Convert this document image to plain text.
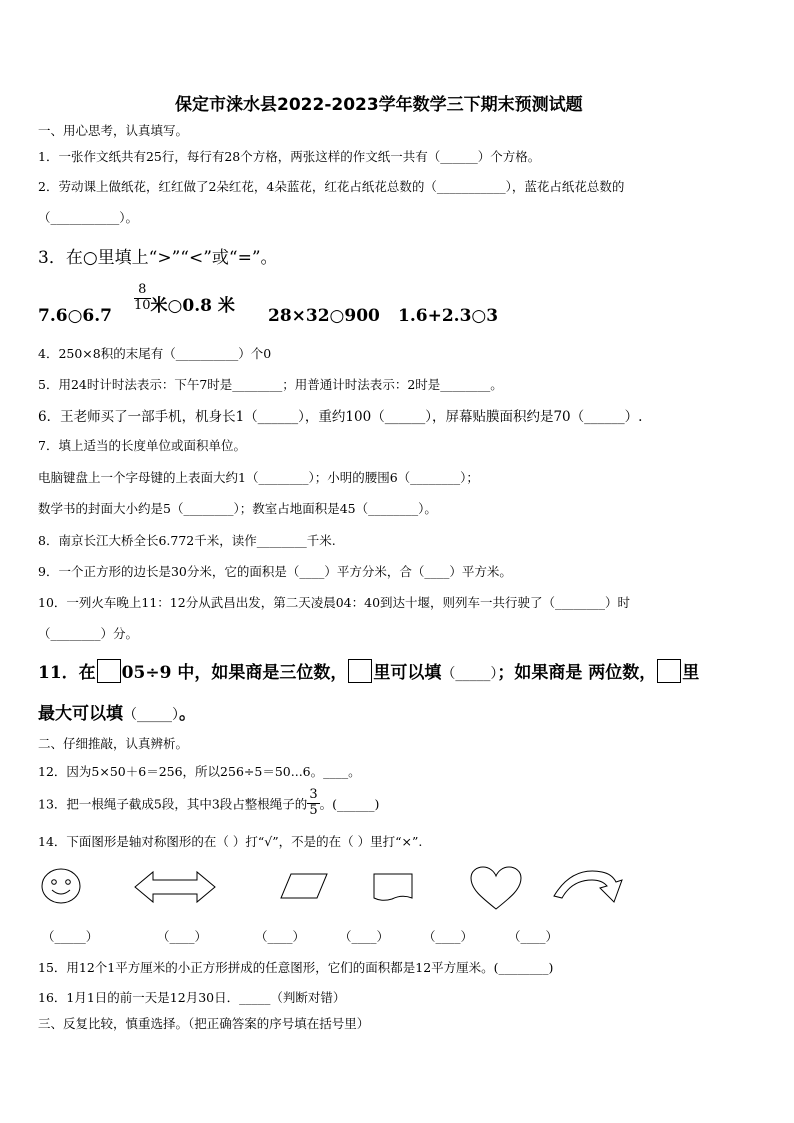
保定市涞水县2022-2023学年数学三下期末预测试题
一、用心思考，认真填写。
1．一张作文纸共有25行，每行有28个方格，两张这样的作文纸一共有（______）个方格。
2．劳动课上做纸花，红红做了2朵红花，4朵蓝花，红花占纸花总数的（___________），蓝花占纸花总数的
（___________）。
3．在○里填上“>”“<”或“=”。
7.6○6.7
$\frac{8}{10}$ 米○0.8 米
28×32○900 1.6+2.3○3
4．250×8积的末尾有（__________）个0
5．用24时计时法表示：下午7时是________；用普通计时法表示：2时是________。
6．王老师买了一部手机，机身长1（______），重约100（______），屏幕贴膜面积约是70（______）.
7．填上适当的长度单位或面积单位。
电脑键盘上一个字母键的上表面大约1（________）；小明的腰围6（________）；
数学书的封面大小约是5（________）；教室占地面积是45（________）。
8．南京长江大桥全长6.772千米，读作________千米.
9．一个正方形的边长是30分米，它的面积是（____）平方分米，合（____）平方米。
10．一列火车晚上11：12分从武昌出发，第二天凌晨04：40到达十堰，则列车一共行驶了（________）时
（________）分。
11．在 05÷9 中，如果商是三位数， 里可以填（_____）；如果商是 两位数， 里
最大可以填（_____）。
二、仔细推敲，认真辨析。
12．因为5×50＋6＝256，所以256÷5＝50...6。____。
13．把一根绳子截成5段，其中3段占整根绳子的 $\frac{3}{5}$ 。(______)
14．下面图形是轴对称图形的在（ ）打“√”，不是的在（ ）里打“×”.
（_____）	（____）	（____）	（____）	（____）	（____）
15．用12个1平方厘米的小正方形拼成的任意图形，它们的面积都是12平方厘米。(________)
16．1月1日的前一天是12月30日．_____（判断对错）
三、反复比较，慎重选择。（把正确答案的序号填在括号里）
